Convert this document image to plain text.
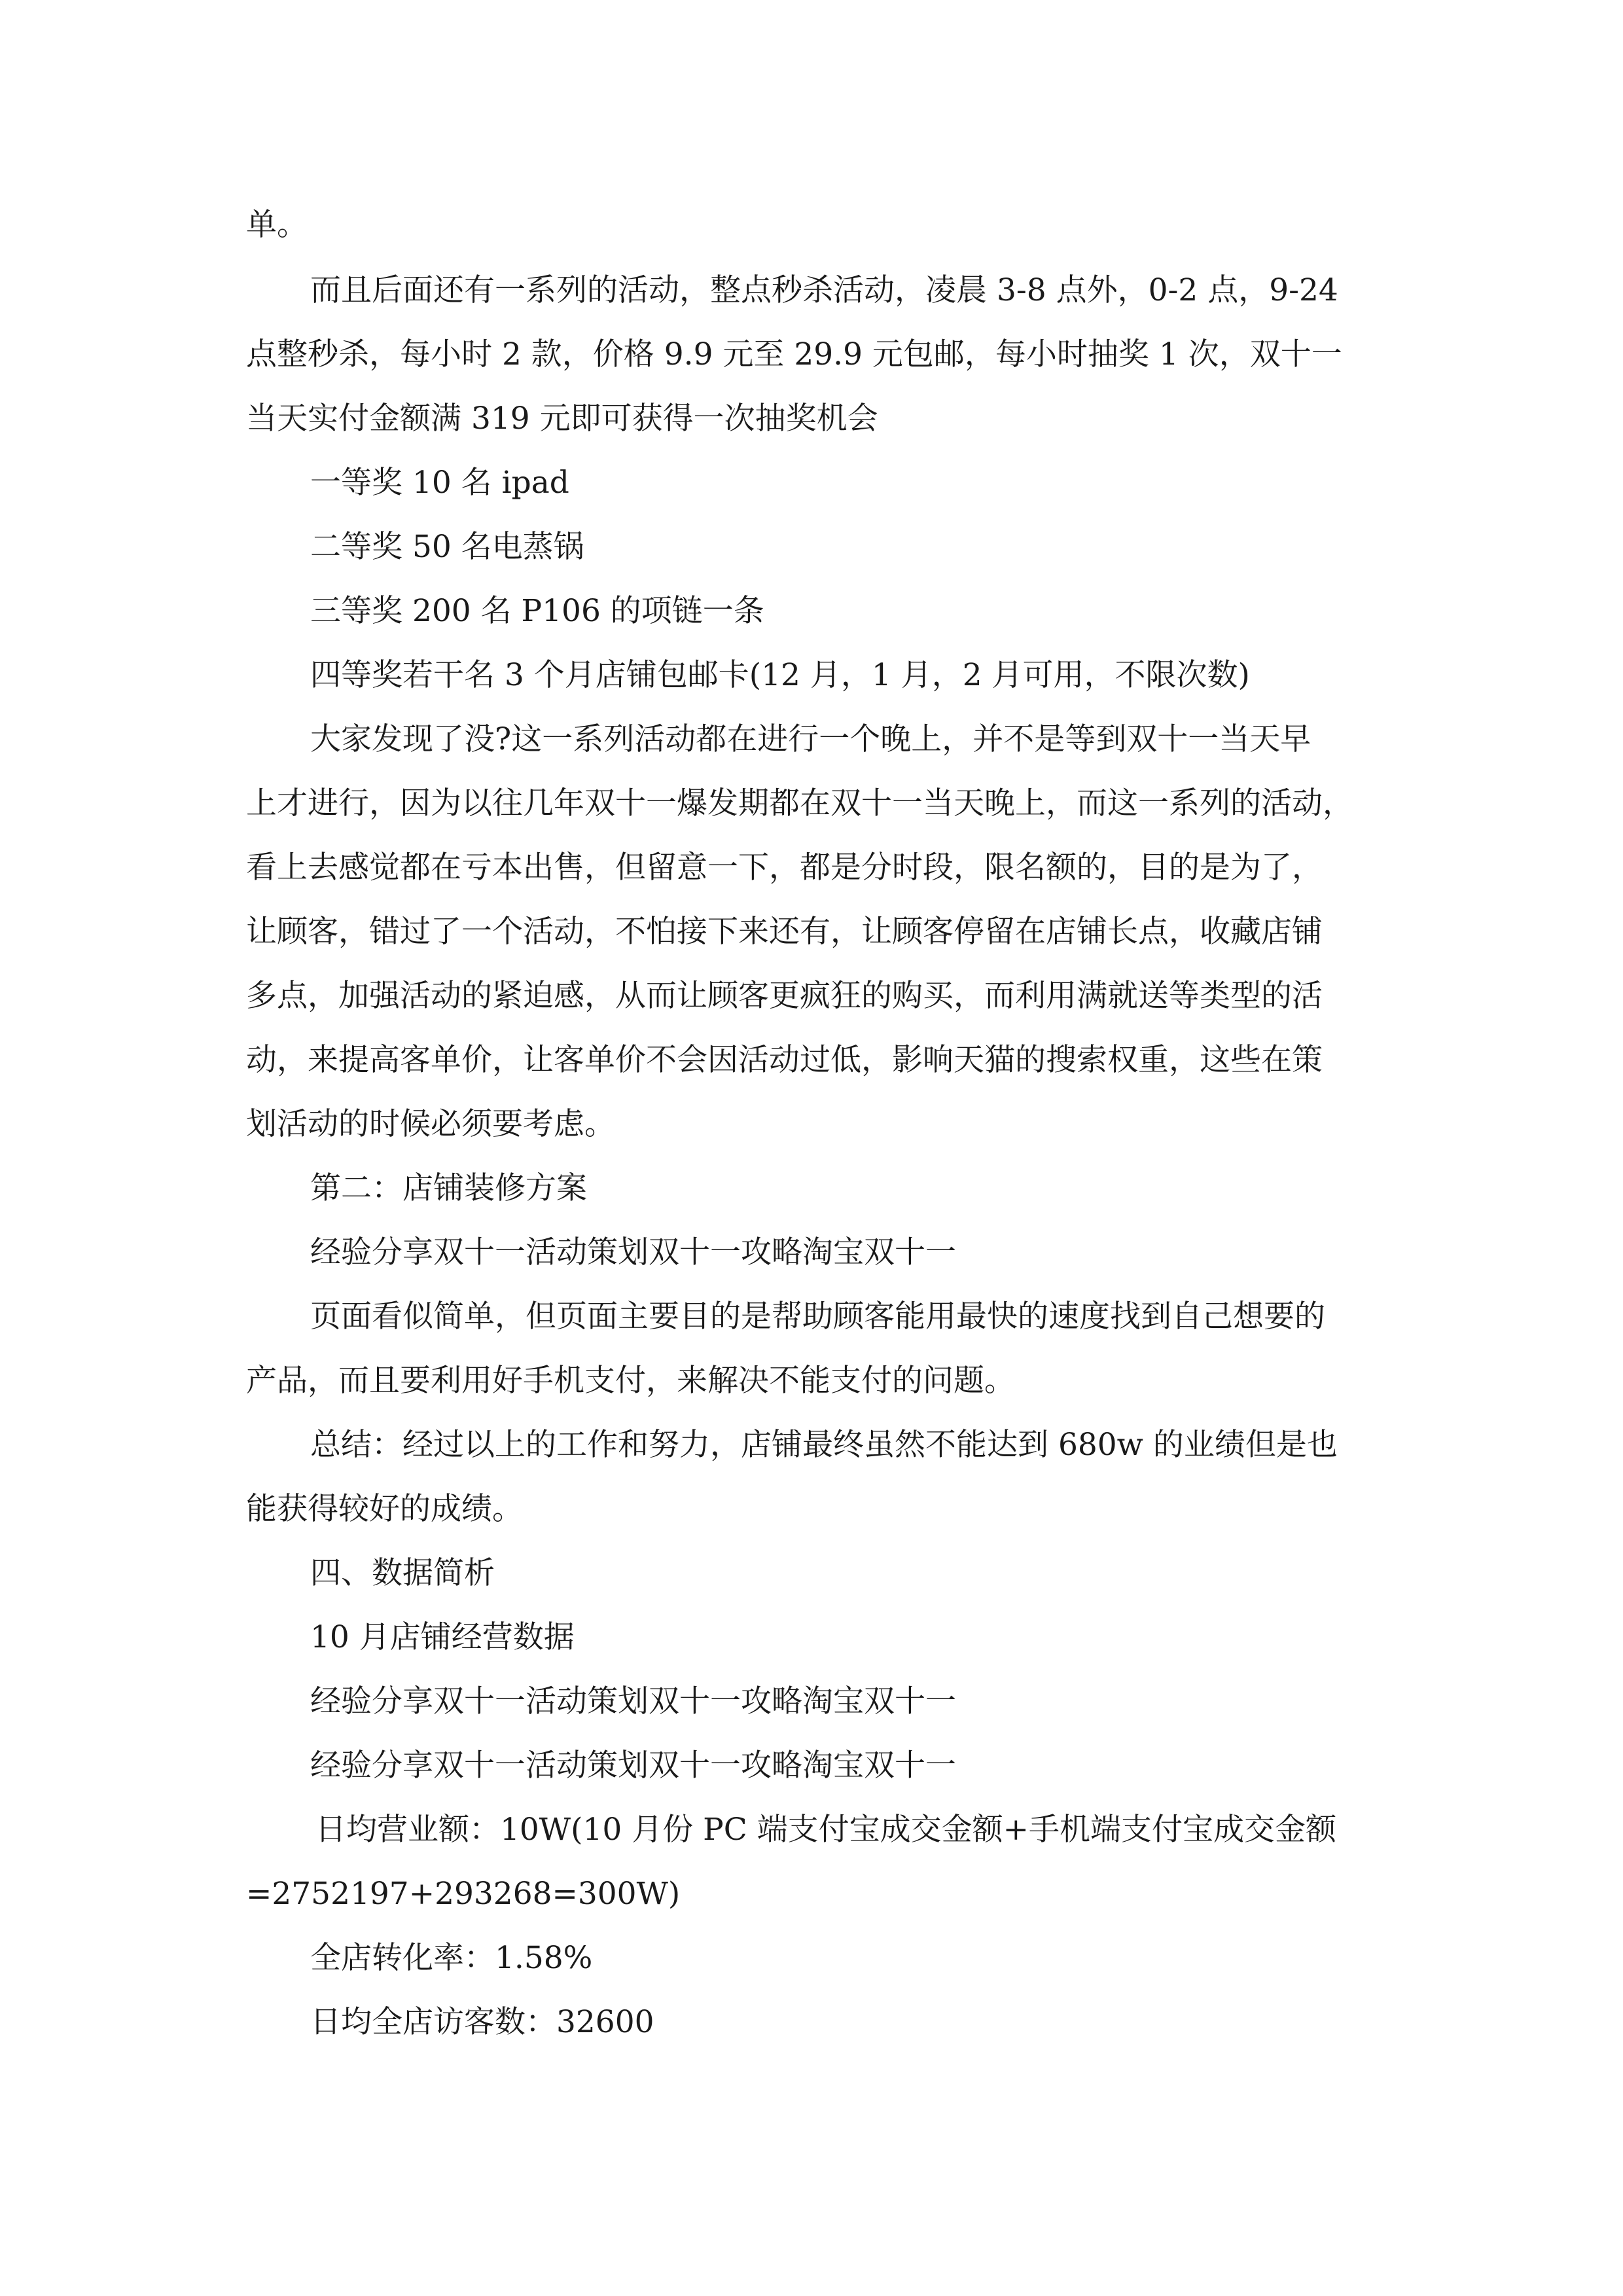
单。
而且后面还有一系列的活动，整点秒杀活动，凌晨 3-8 点外，0-2 点，9-24
点整秒杀，每小时 2 款，价格 9.9 元至 29.9 元包邮，每小时抽奖 1 次，双十一
当天实付金额满 319 元即可获得一次抽奖机会
一等奖 10 名 ipad
二等奖 50 名电蒸锅
三等奖 200 名 P106 的项链一条
四等奖若干名 3 个月店铺包邮卡(12 月，1 月，2 月可用，不限次数)
大家发现了没?这一系列活动都在进行一个晚上，并不是等到双十一当天早
上才进行，因为以往几年双十一爆发期都在双十一当天晚上，而这一系列的活动，
看上去感觉都在亏本出售，但留意一下，都是分时段，限名额的，目的是为了，
让顾客，错过了一个活动，不怕接下来还有，让顾客停留在店铺长点，收藏店铺
多点，加强活动的紧迫感，从而让顾客更疯狂的购买，而利用满就送等类型的活
动，来提高客单价，让客单价不会因活动过低，影响天猫的搜索权重，这些在策
划活动的时候必须要考虑。
第二：店铺装修方案
经验分享双十一活动策划双十一攻略淘宝双十一
页面看似简单，但页面主要目的是帮助顾客能用最快的速度找到自己想要的
产品，而且要利用好手机支付，来解决不能支付的问题。
总结：经过以上的工作和努力，店铺最终虽然不能达到 680w 的业绩但是也
能获得较好的成绩。
四、数据简析
10 月店铺经营数据
经验分享双十一活动策划双十一攻略淘宝双十一
经验分享双十一活动策划双十一攻略淘宝双十一
日均营业额：10W(10 月份 PC 端支付宝成交金额+手机端支付宝成交金额
=2752197+293268=300W)
全店转化率：1.58%
日均全店访客数：32600
